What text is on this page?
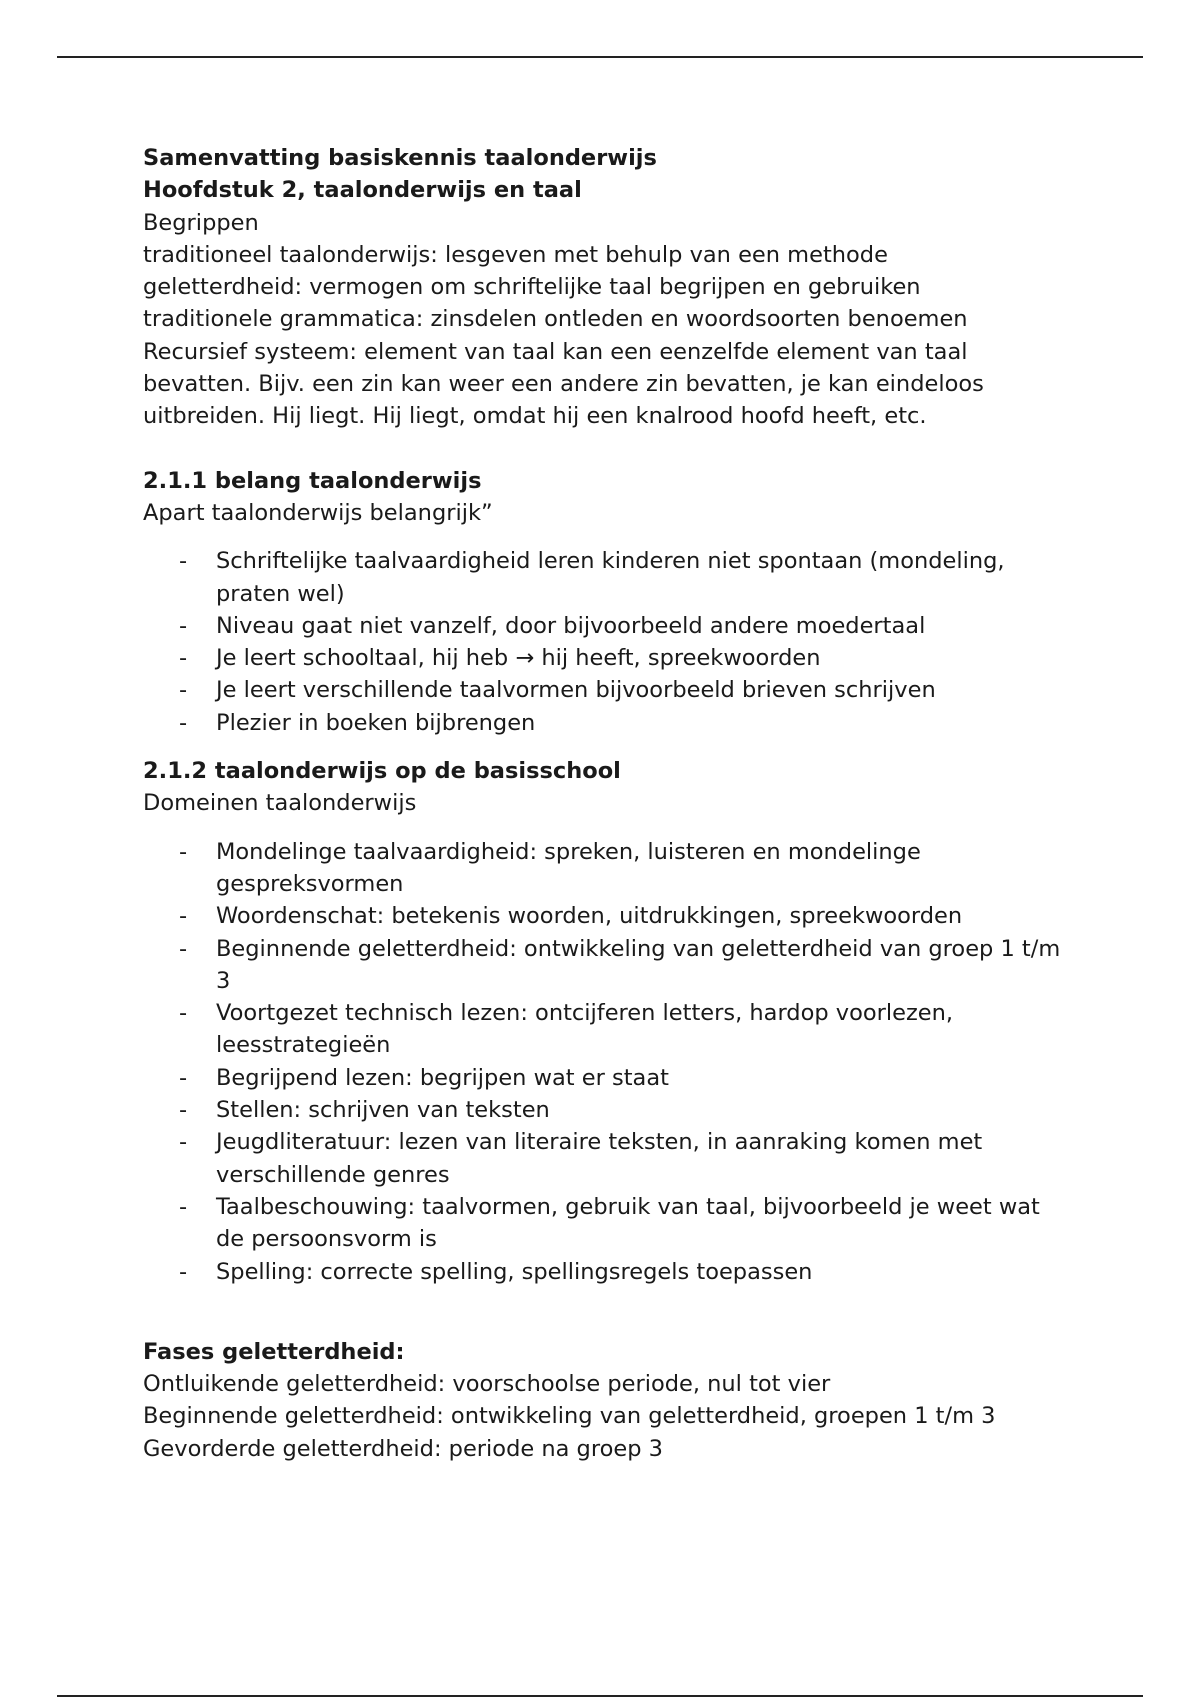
Samenvatting basiskennis taalonderwijs
Hoofdstuk 2, taalonderwijs en taal
Begrippen
traditioneel taalonderwijs: lesgeven met behulp van een methode
geletterdheid: vermogen om schriftelijke taal begrijpen en gebruiken
traditionele grammatica: zinsdelen ontleden en woordsoorten benoemen
Recursief systeem: element van taal kan een eenzelfde element van taal bevatten. Bijv. een zin kan weer een andere zin bevatten, je kan eindeloos uitbreiden. Hij liegt. Hij liegt, omdat hij een knalrood hoofd heeft, etc.
2.1.1 belang taalonderwijs
Apart taalonderwijs belangrijk”
- Schriftelijke taalvaardigheid leren kinderen niet spontaan (mondeling, praten wel)
- Niveau gaat niet vanzelf, door bijvoorbeeld andere moedertaal
- Je leert schooltaal, hij heb → hij heeft, spreekwoorden
- Je leert verschillende taalvormen bijvoorbeeld brieven schrijven
- Plezier in boeken bijbrengen
2.1.2 taalonderwijs op de basisschool
Domeinen taalonderwijs
- Mondelinge taalvaardigheid: spreken, luisteren en mondelinge gespreksvormen
- Woordenschat: betekenis woorden, uitdrukkingen, spreekwoorden
- Beginnende geletterdheid: ontwikkeling van geletterdheid van groep 1 t/m 3
- Voortgezet technisch lezen: ontcijferen letters, hardop voorlezen, leesstrategieën
- Begrijpend lezen: begrijpen wat er staat
- Stellen: schrijven van teksten
- Jeugdliteratuur: lezen van literaire teksten, in aanraking komen met verschillende genres
- Taalbeschouwing: taalvormen, gebruik van taal, bijvoorbeeld je weet wat de persoonsvorm is
- Spelling: correcte spelling, spellingsregels toepassen
Fases geletterdheid:
Ontluikende geletterdheid: voorschoolse periode, nul tot vier
Beginnende geletterdheid: ontwikkeling van geletterdheid, groepen 1 t/m 3
Gevorderde geletterdheid: periode na groep 3
